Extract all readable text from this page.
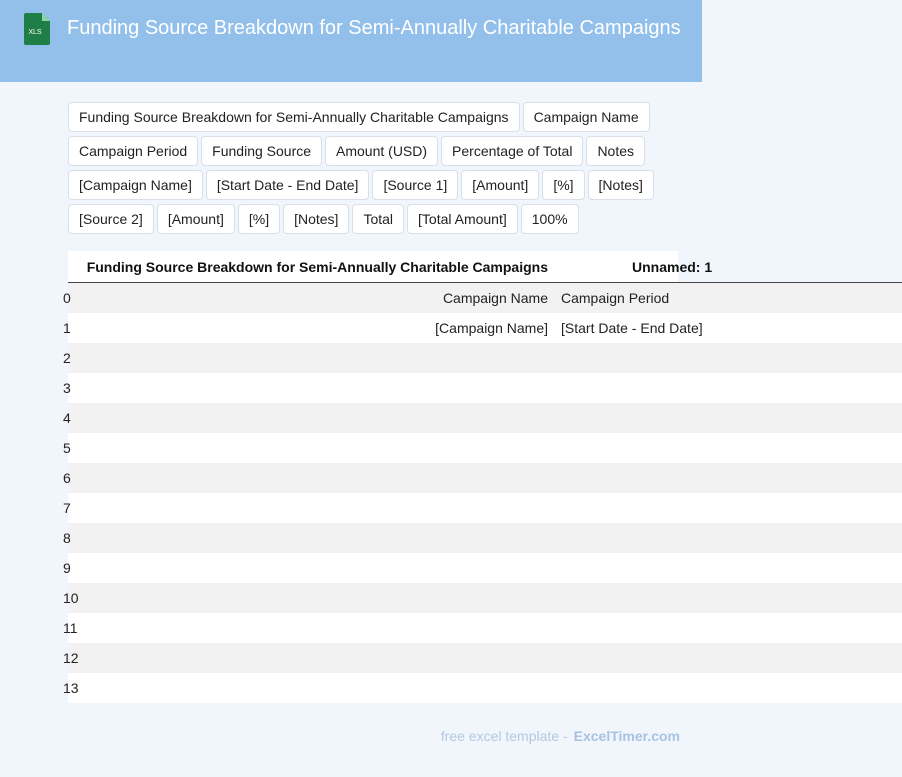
XLS	Funding Source Breakdown for Semi-Annually Charitable Campaigns
Funding Source Breakdown for Semi-Annually Charitable Campaigns	Campaign Name
Campaign Period	Funding Source	Amount (USD)	Percentage of Total	Notes
[Campaign Name]	[Start Date - End Date]	[Source 1]	[Amount]	[%]	[Notes]
[Source 2]	[Amount]	[%]	[Notes]	Total	[Total Amount]	100%
	Funding Source Breakdown for Semi-Annually Charitable Campaigns	Unnamed: 1
0	Campaign Name	Campaign Period
1	[Campaign Name]	[Start Date - End Date]
2		
3		
4		
5		
6		
7		
8		
9		
10		
11		
12		
13		
free excel template - ExcelTimer.com
